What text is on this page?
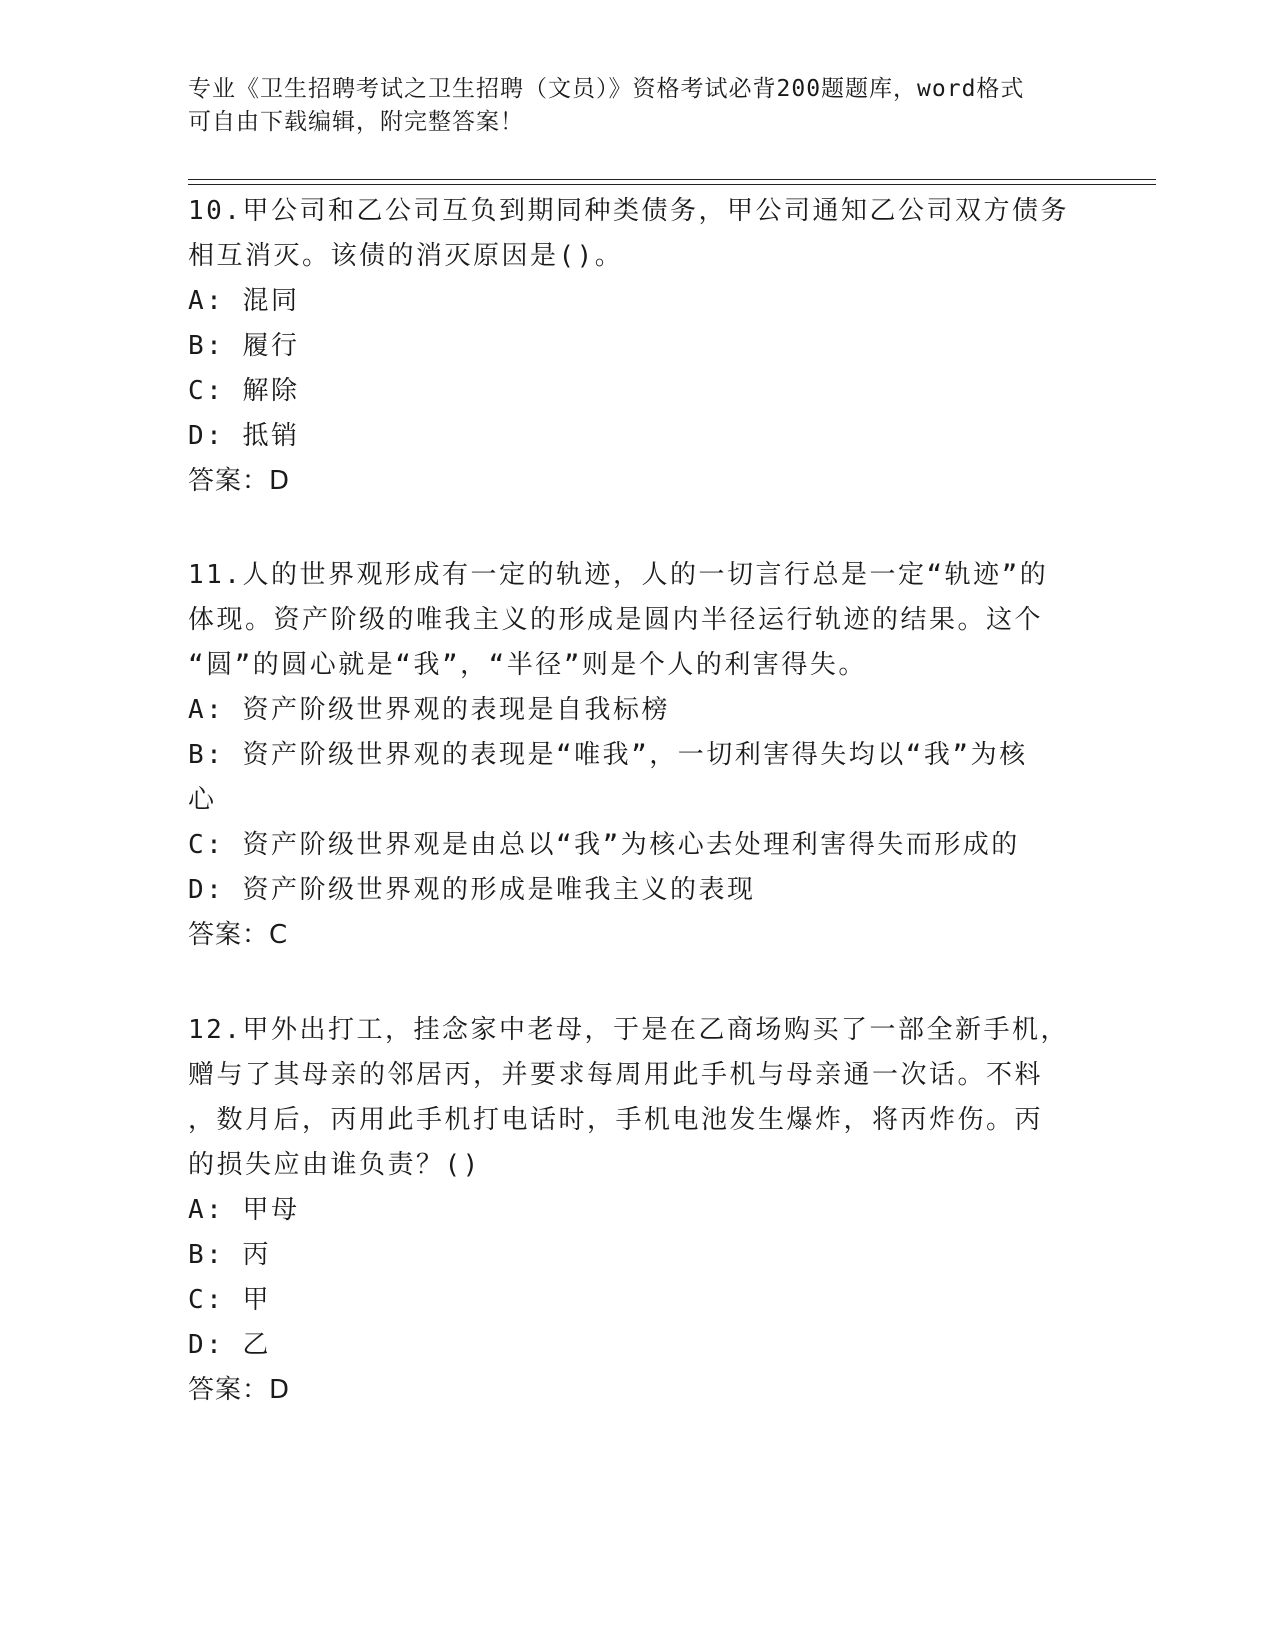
专业《卫生招聘考试之卫生招聘（文员）》资格考试必背200题题库，word格式
可自由下载编辑，附完整答案！

10.甲公司和乙公司互负到期同种类债务，甲公司通知乙公司双方债务

相互消灭。该债的消灭原因是()。

A: 混同

B: 履行

C: 解除

D: 抵销

答案：D

11.人的世界观形成有一定的轨迹，人的一切言行总是一定“轨迹”的

体现。资产阶级的唯我主义的形成是圆内半径运行轨迹的结果。这个

“圆”的圆心就是“我”，“半径”则是个人的利害得失。

A: 资产阶级世界观的表现是自我标榜

B: 资产阶级世界观的表现是“唯我”，一切利害得失均以“我”为核

心

C: 资产阶级世界观是由总以“我”为核心去处理利害得失而形成的

D: 资产阶级世界观的形成是唯我主义的表现

答案：C

12.甲外出打工，挂念家中老母，于是在乙商场购买了一部全新手机，

赠与了其母亲的邻居丙，并要求每周用此手机与母亲通一次话。不料

，数月后，丙用此手机打电话时，手机电池发生爆炸，将丙炸伤。丙

的损失应由谁负责？()

A: 甲母

B: 丙

C: 甲

D: 乙

答案：D
